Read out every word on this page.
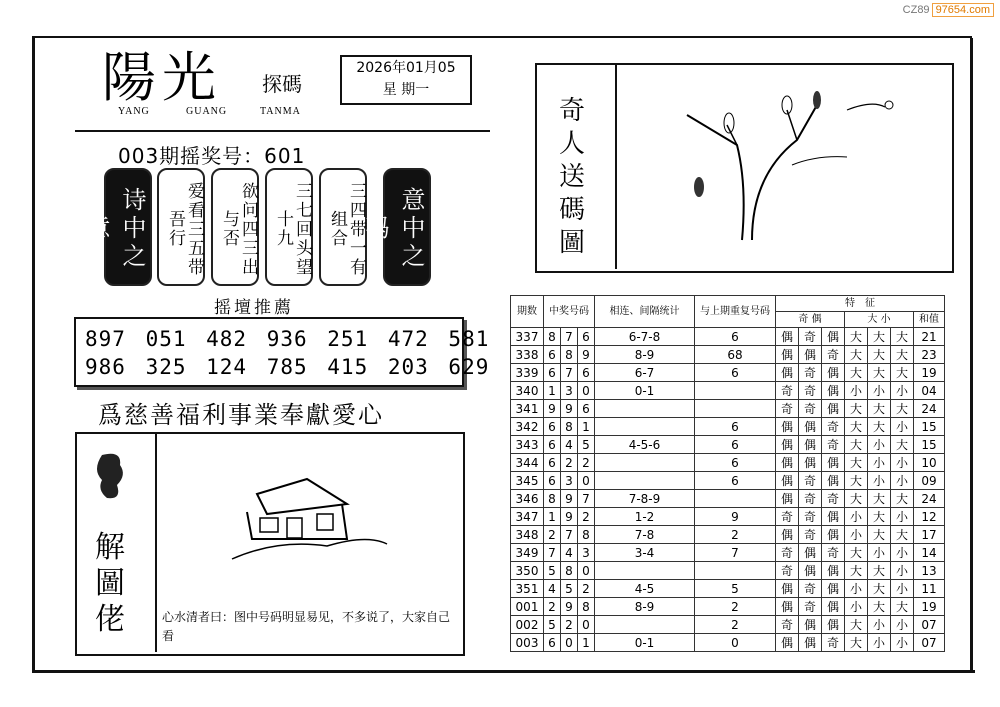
CZ89 97654.com
陽光 探碼
YANG	GUANG	TANMA
2026年01月05
星 期一
003期摇奖号：601
诗中之意	爱看三五带吾行	欲问四三出与否	三七回头望十九	三四带一有组合	意中之码
摇壇推薦
897 051 482 936 251 472 581
986 325 124 785 415 203 629
爲慈善福利事業奉獻愛心
解
圖
佬	心水清者曰：图中号码明显易见，不多说了，大家自己看
奇
人
送
碼
圖
期数	中奖号码			相连、间隔统计	与上期重复号码	特　征						
						奇 偶			大 小			和值
337	8	7	6	6-7-8	6	偶	奇	偶	大	大	大	21
338	6	8	9	8-9	68	偶	偶	奇	大	大	大	23
339	6	7	6	6-7	6	偶	奇	偶	大	大	大	19
340	1	3	0	0-1		奇	奇	偶	小	小	小	04
341	9	9	6			奇	奇	偶	大	大	大	24
342	6	8	1		6	偶	偶	奇	大	大	小	15
343	6	4	5	4-5-6	6	偶	偶	奇	大	小	大	15
344	6	2	2		6	偶	偶	偶	大	小	小	10
345	6	3	0		6	偶	奇	偶	大	小	小	09
346	8	9	7	7-8-9		偶	奇	奇	大	大	大	24
347	1	9	2	1-2	9	奇	奇	偶	小	大	小	12
348	2	7	8	7-8	2	偶	奇	偶	小	大	大	17
349	7	4	3	3-4	7	奇	偶	奇	大	小	小	14
350	5	8	0			奇	偶	偶	大	大	小	13
351	4	5	2	4-5	5	偶	奇	偶	小	大	小	11
001	2	9	8	8-9	2	偶	奇	偶	小	大	大	19
002	5	2	0		2	奇	偶	偶	大	小	小	07
003	6	0	1	0-1	0	偶	偶	奇	大	小	小	07
